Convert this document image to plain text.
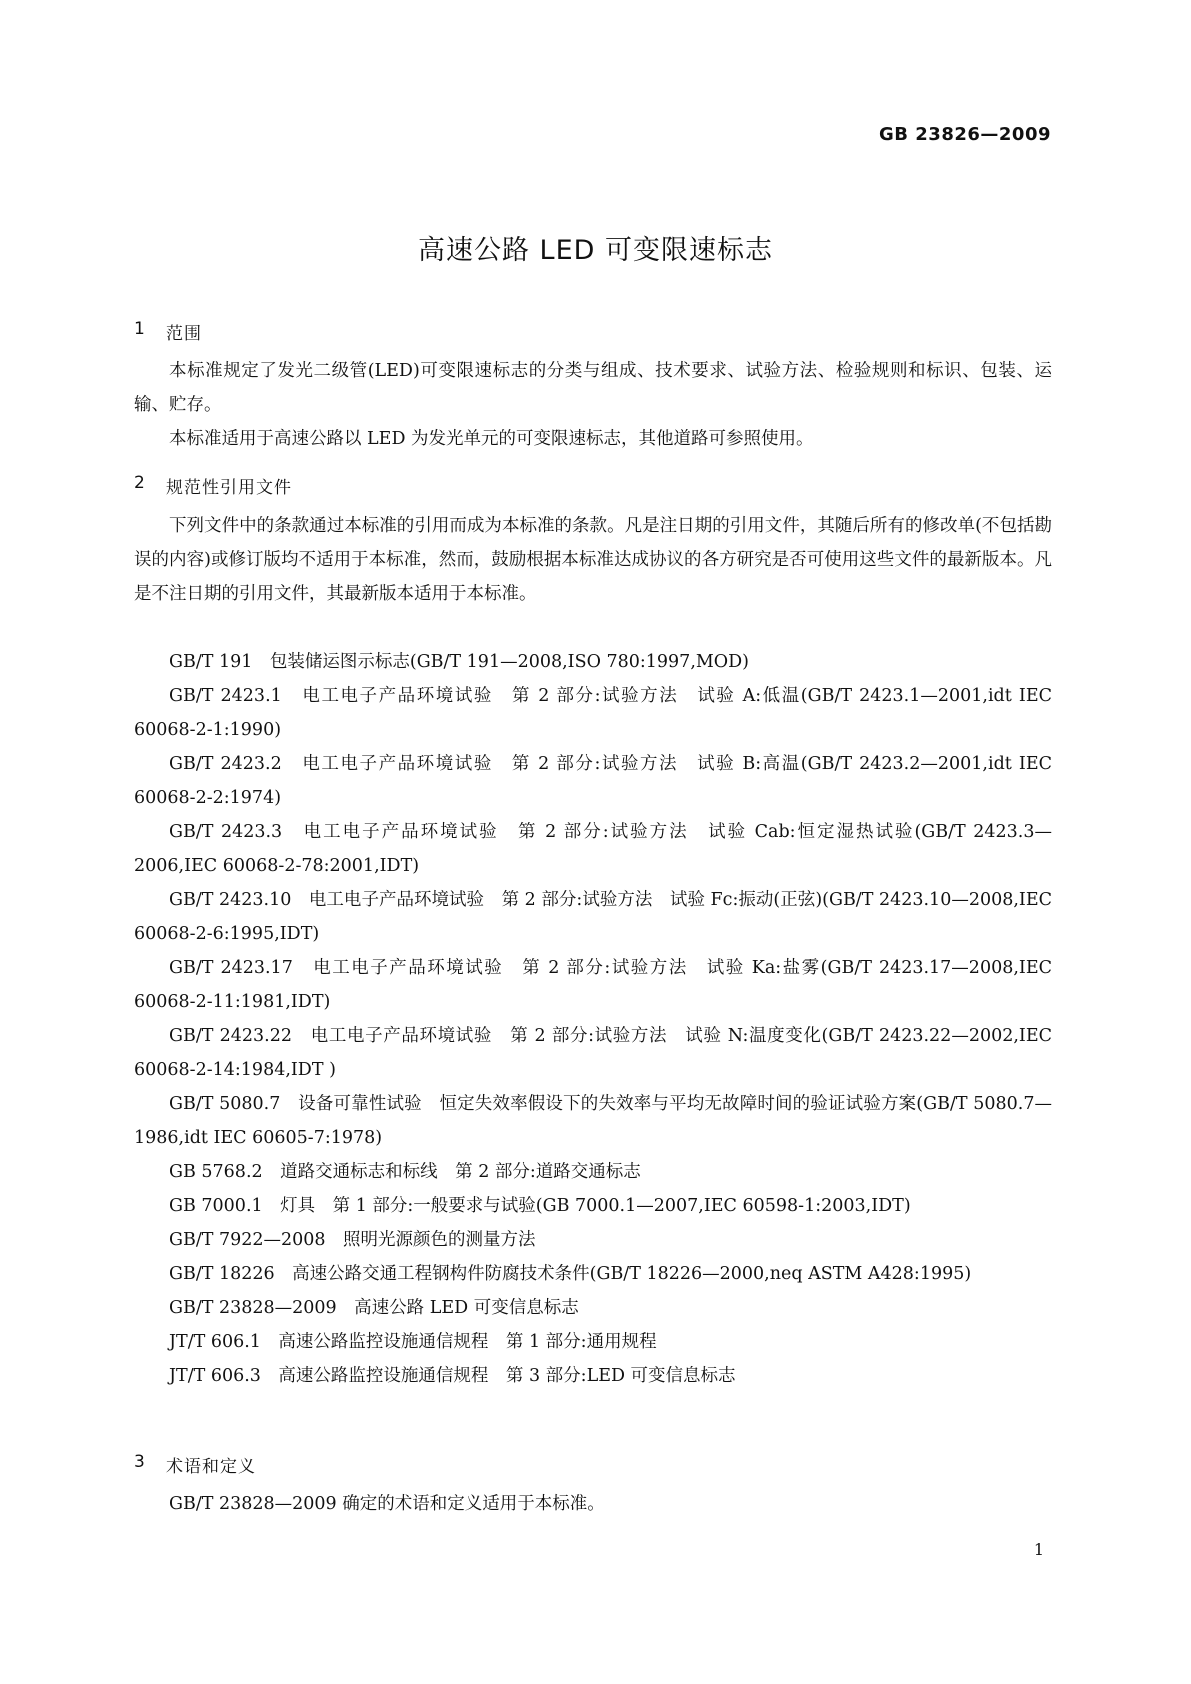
GB 23826—2009
高速公路 LED 可变限速标志
1	范围

本标准规定了发光二级管(LED)可变限速标志的分类与组成、技术要求、试验方法、检验规则和标识、包装、运输、贮存。

本标准适用于高速公路以 LED 为发光单元的可变限速标志，其他道路可参照使用。

2	规范性引用文件

下列文件中的条款通过本标准的引用而成为本标准的条款。凡是注日期的引用文件，其随后所有的修改单(不包括勘误的内容)或修订版均不适用于本标准，然而，鼓励根据本标准达成协议的各方研究是否可使用这些文件的最新版本。凡是不注日期的引用文件，其最新版本适用于本标准。

GB/T 191　包装储运图示标志(GB/T 191—2008,ISO 780:1997,MOD)
GB/T 2423.1　电工电子产品环境试验　第 2 部分:试验方法　试验 A:低温(GB/T 2423.1—2001,idt IEC 60068-2-1:1990)
GB/T 2423.2　电工电子产品环境试验　第 2 部分:试验方法　试验 B:高温(GB/T 2423.2—2001,idt IEC 60068-2-2:1974)
GB/T 2423.3　电工电子产品环境试验　第 2 部分:试验方法　试验 Cab:恒定湿热试验(GB/T 2423.3—2006,IEC 60068-2-78:2001,IDT)
GB/T 2423.10　电工电子产品环境试验　第 2 部分:试验方法　试验 Fc:振动(正弦)(GB/T 2423.10—2008,IEC 60068-2-6:1995,IDT)
GB/T 2423.17　电工电子产品环境试验　第 2 部分:试验方法　试验 Ka:盐雾(GB/T 2423.17—2008,IEC 60068-2-11:1981,IDT)
GB/T 2423.22　电工电子产品环境试验　第 2 部分:试验方法　试验 N:温度变化(GB/T 2423.22—2002,IEC 60068-2-14:1984,IDT )
GB/T 5080.7　设备可靠性试验　恒定失效率假设下的失效率与平均无故障时间的验证试验方案(GB/T 5080.7—1986,idt IEC 60605-7:1978)
GB 5768.2　道路交通标志和标线　第 2 部分:道路交通标志
GB 7000.1　灯具　第 1 部分:一般要求与试验(GB 7000.1—2007,IEC 60598-1:2003,IDT)
GB/T 7922—2008　照明光源颜色的测量方法
GB/T 18226　高速公路交通工程钢构件防腐技术条件(GB/T 18226—2000,neq ASTM A428:1995)
GB/T 23828—2009　高速公路 LED 可变信息标志
JT/T 606.1　高速公路监控设施通信规程　第 1 部分:通用规程
JT/T 606.3　高速公路监控设施通信规程　第 3 部分:LED 可变信息标志
3	术语和定义

GB/T 23828—2009 确定的术语和定义适用于本标准。

1
